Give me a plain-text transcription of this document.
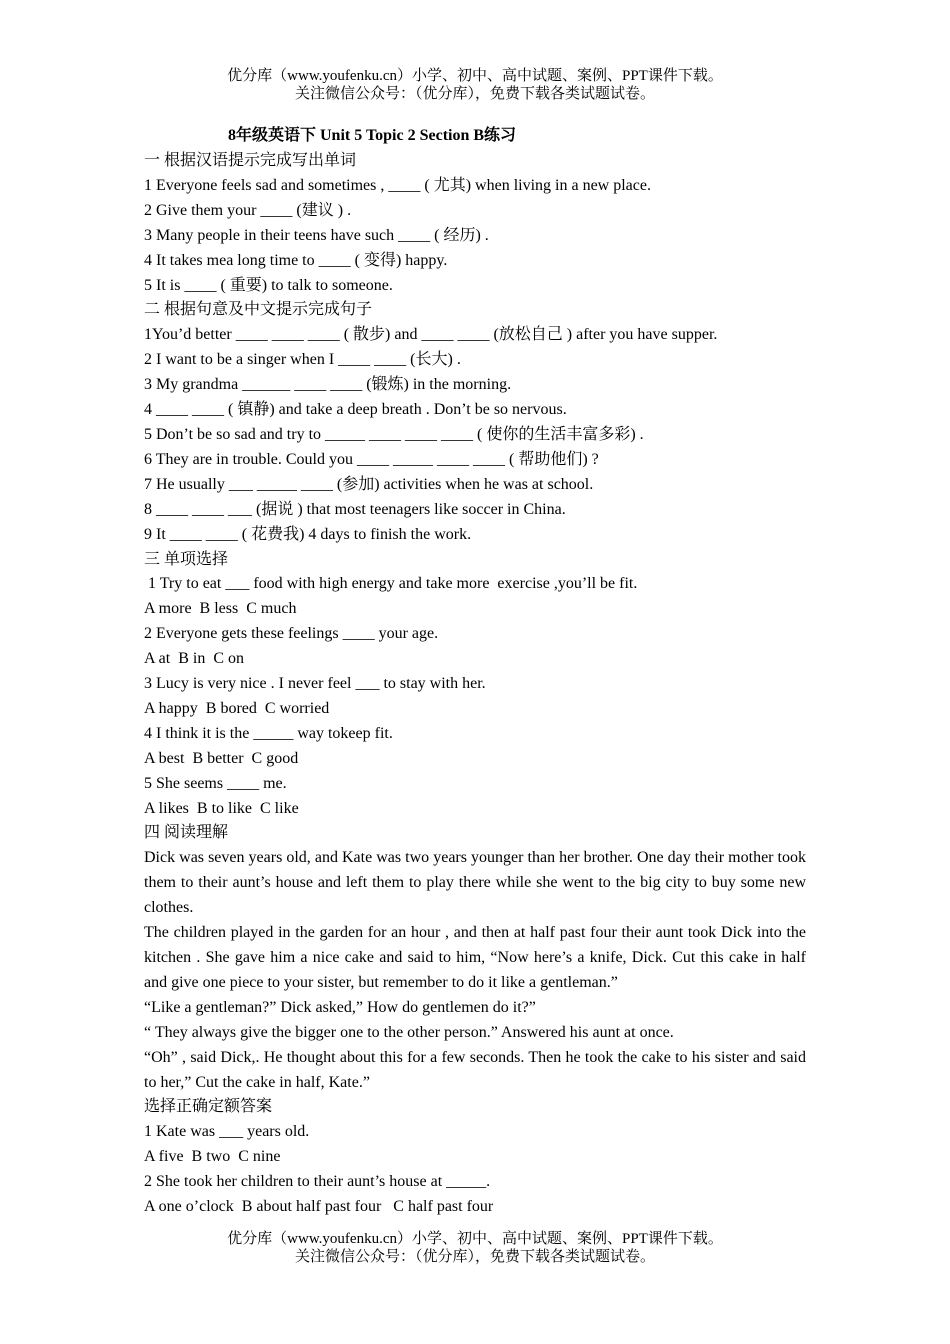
优分库（www.youfenku.cn）小学、初中、高中试题、案例、PPT课件下载。
关注微信公众号：（优分库），免费下载各类试题试卷。
8年级英语下 Unit 5 Topic 2 Section B练习
一 根据汉语提示完成写出单词
1 Everyone feels sad and sometimes , ____ ( 尤其) when living in a new place.
2 Give them your ____ (建议 ) .
3 Many people in their teens have such ____ ( 经历) .
4 It takes mea long time to ____ ( 变得) happy.
5 It is ____ ( 重要) to talk to someone.
二 根据句意及中文提示完成句子
1You’d better ____ ____ ____ ( 散步) and ____ ____ (放松自己 ) after you have supper.
2 I want to be a singer when I ____ ____ (长大) .
3 My grandma ______ ____ ____ (锻炼) in the morning.
4 ____ ____ ( 镇静) and take a deep breath . Don’t be so nervous.
5 Don’t be so sad and try to _____ ____ ____ ____ ( 使你的生活丰富多彩) .
6 They are in trouble. Could you ____ _____ ____ ____ ( 帮助他们) ?
7 He usually ___ _____ ____ (参加) activities when he was at school.
8 ____ ____ ___ (据说 ) that most teenagers like soccer in China.
9 It ____ ____ ( 花费我) 4 days to finish the work.
三 单项选择
1 Try to eat ___ food with high energy and take more  exercise ,you’ll be fit.
A more  B less  C much
2 Everyone gets these feelings ____ your age.
A at  B in  C on
3 Lucy is very nice . I never feel ___ to stay with her.
A happy  B bored  C worried
4 I think it is the _____ way tokeep fit.
A best  B better  C good
5 She seems ____ me.
A likes  B to like  C like
四 阅读理解
Dick was seven years old, and Kate was two years younger than her brother. One day their mother took them to their aunt’s house and left them to play there while she went to the big city to buy some new clothes.
The children played in the garden for an hour , and then at half past four their aunt took Dick into the kitchen . She gave him a nice cake and said to him, “Now here’s a knife, Dick. Cut this cake in half and give one piece to your sister, but remember to do it like a gentleman.”
“Like a gentleman?” Dick asked,” How do gentlemen do it?”
“ They always give the bigger one to the other person.” Answered his aunt at once.
“Oh” , said Dick,. He thought about this for a few seconds. Then he took the cake to his sister and said to her,” Cut the cake in half, Kate.”
选择正确定额答案
1 Kate was ___ years old.
A five  B two  C nine
2 She took her children to their aunt’s house at _____.
A one o’clock  B about half past four   C half past four
优分库（www.youfenku.cn）小学、初中、高中试题、案例、PPT课件下载。
关注微信公众号：（优分库），免费下载各类试题试卷。
